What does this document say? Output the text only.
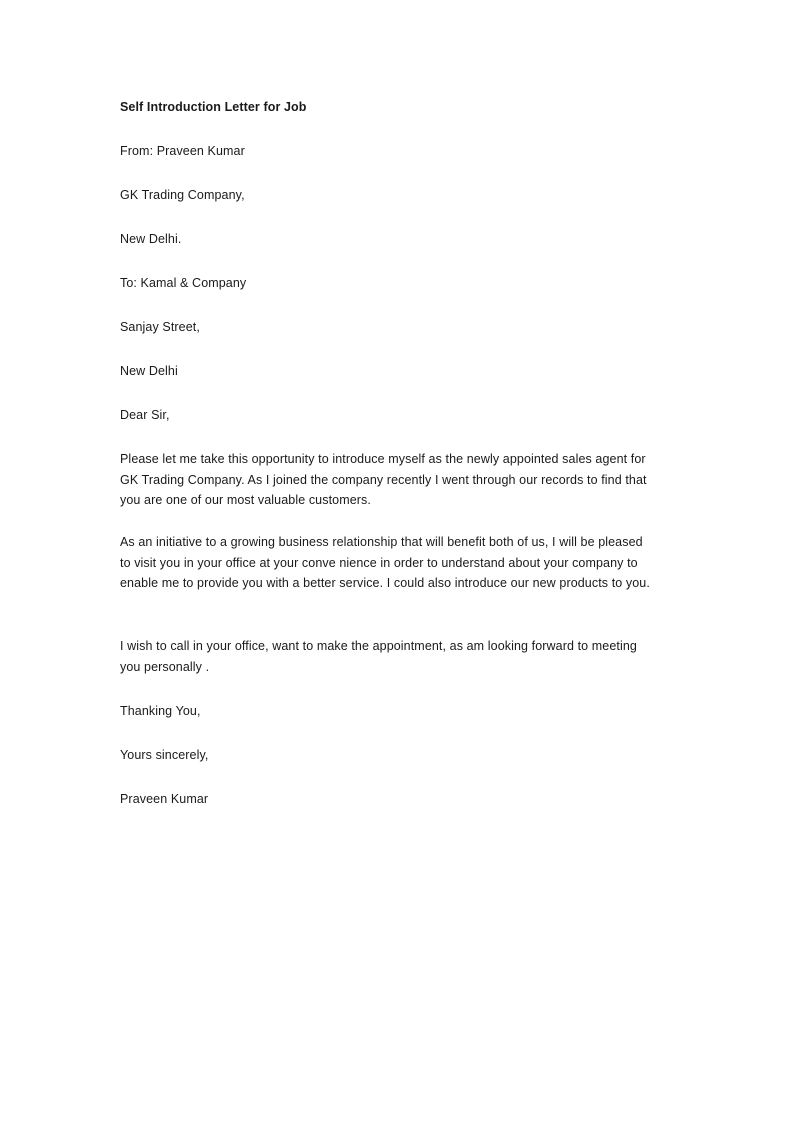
Self Introduction Letter for Job

From: Praveen Kumar

GK Trading Company,

New Delhi.

To: Kamal & Company

Sanjay Street,

New Delhi

Dear Sir,

Please let me take this opportunity to introduce myself as the newly appointed sales agent for
GK Trading Company. As I joined the company recently I went through our records to find that
you are one of our most valuable customers.
As an initiative to a growing business relationship that will benefit both of us, I will be pleased
to visit you in your office at your conve nience in order to understand about your company to
enable me to provide you with a better service. I could also introduce our new products to you.
I wish to call in your office, want to make the appointment, as am looking forward to meeting
you personally .

Thanking You,

Yours sincerely,

Praveen Kumar
